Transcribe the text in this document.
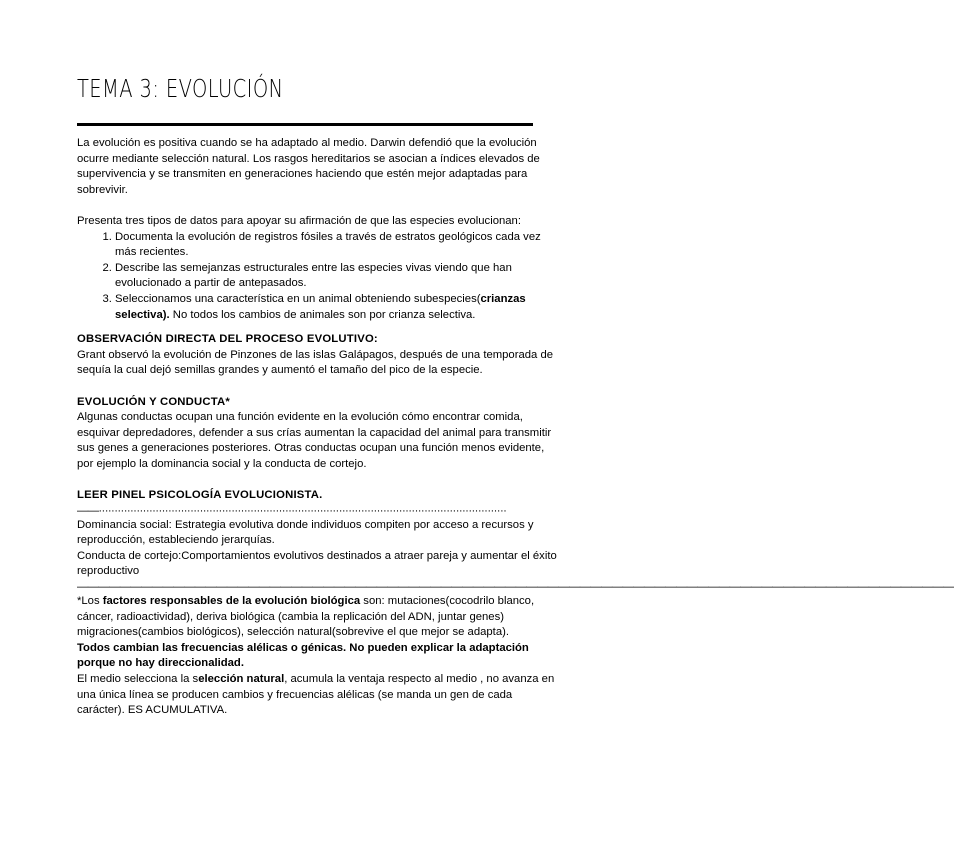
TEMA 3: EVOLUCIÓN

La evolución es positiva cuando se ha adaptado al medio. Darwin defendió que la evolución ocurre mediante selección natural. Los rasgos hereditarios se asocian a índices elevados de supervivencia y se transmiten en generaciones haciendo que estén mejor adaptadas para sobrevivir.

Presenta tres tipos de datos para apoyar su afirmación de que las especies evolucionan:

1. Documenta la evolución de registros fósiles a través de estratos geológicos cada vez más recientes.
2. Describe las semejanzas estructurales entre las especies vivas viendo que han evolucionado a partir de antepasados.
3. Seleccionamos una característica en un animal obteniendo subespecies(crianzas selectiva). No todos los cambios de animales son por crianza selectiva.

OBSERVACIÓN DIRECTA DEL PROCESO EVOLUTIVO:

Grant observó la evolución de Pinzones de las islas Galápagos, después de una temporada de sequía la cual dejó semillas grandes y aumentó el tamaño del pico de la especie.

EVOLUCIÓN Y CONDUCTA*

Algunas conductas ocupan una función evidente en la evolución cómo encontrar comida, esquivar depredadores, defender a sus crías aumentan la capacidad del animal para transmitir sus genes a generaciones posteriores. Otras conductas ocupan una función menos evidente, por ejemplo la dominancia social y la conducta de cortejo.

LEER PINEL PSICOLOGÍA EVOLUCIONISTA.

——·································································································································

Dominancia social: Estrategia evolutiva donde individuos compiten por acceso a recursos y reproducción, estableciendo jerarquías.

Conducta de cortejo:Comportamientos evolutivos destinados a atraer pareja y aumentar el éxito reproductivo

——————————————————————————————————————————————————————————————————————————————————

*Los factores responsables de la evolución biológica son: mutaciones(cocodrilo blanco, cáncer, radioactividad), deriva biológica (cambia la replicación del ADN, juntar genes) migraciones(cambios biológicos), selección natural(sobrevive el que mejor se adapta).

Todos cambian las frecuencias alélicas o génicas. No pueden explicar la adaptación porque no hay direccionalidad.

El medio selecciona la selección natural, acumula la ventaja respecto al medio , no avanza en una única línea se producen cambios y frecuencias alélicas (se manda un gen de cada carácter). ES ACUMULATIVA.
